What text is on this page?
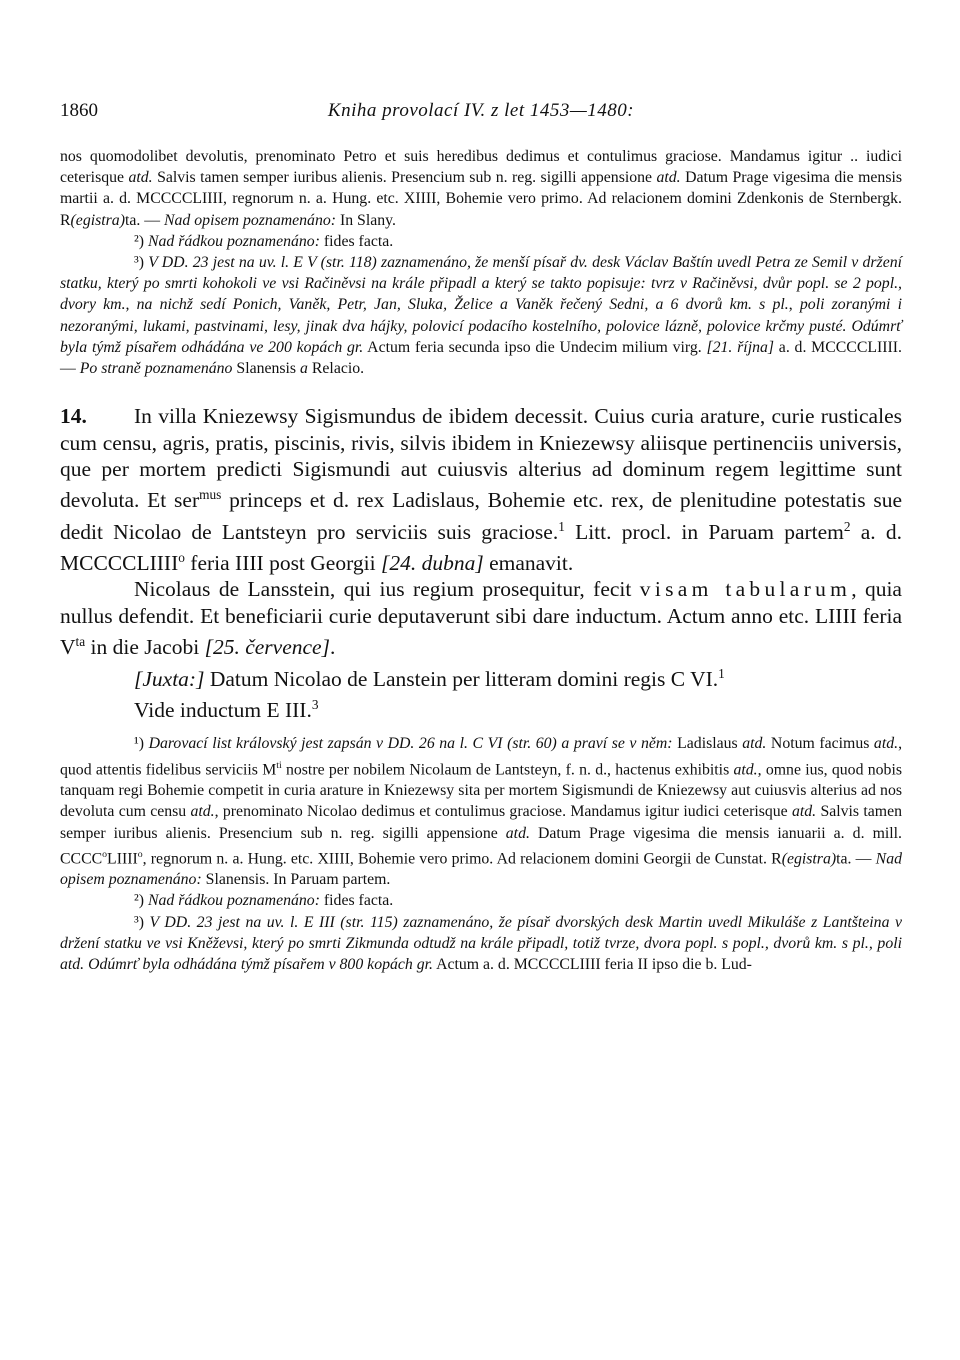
1860	Kniha provolací IV. z let 1453—1480:

nos quomodolibet devolutis, prenominato Petro et suis heredibus dedimus et contulimus graciose. Mandamus igitur .. iudici ceterisque atd. Salvis tamen semper iuribus alienis. Presencium sub n. reg. sigilli appensione atd. Datum Prage vigesima die mensis martii a. d. MCCCCLIIII, regnorum n. a. Hung. etc. XIIII, Bohemie vero primo. Ad relacionem domini Zdenkonis de Sternbergk. R(egistra)ta. — Nad opisem poznamenáno: In Slany.

²) Nad řádkou poznamenáno: fides facta.

³) V DD. 23 jest na uv. l. E V (str. 118) zaznamenáno, že menší písař dv. desk Václav Baštín uvedl Petra ze Semil v držení statku, který po smrti kohokoli ve vsi Račiněvsi na krále připadl a který se takto popisuje: tvrz v Račiněvsi, dvůr popl. se 2 popl., dvory km., na nichž sedí Ponich, Vaněk, Petr, Jan, Sluka, Želice a Vaněk řečený Sedni, a 6 dvorů km. s pl., poli zoranými i nezoranými, lukami, pastvinami, lesy, jinak dva hájky, polovicí podacího kostelního, polovice lázně, polovice krčmy pusté. Odúmrť byla týmž písařem odhádána ve 200 kopách gr. Actum feria secunda ipso die Undecim milium virg. [21. října] a. d. MCCCCLIIII. — Po straně poznamenáno Slanensis a Relacio.

14. In villa Kniezewsy Sigismundus de ibidem decessit. Cuius curia arature, curie rusticales cum censu, agris, pratis, piscinis, rivis, silvis ibidem in Kniezewsy aliisque pertinenciis universis, que per mortem predicti Sigismundi aut cuiusvis alterius ad dominum regem legittime sunt devoluta. Et ser$^{mus}$ princeps et d. rex Ladislaus, Bohemie etc. rex, de plenitudine potestatis sue dedit Nicolao de Lantsteyn pro serviciis suis graciose.$^1$ Litt. procl. in Paruam partem$^2$ a. d. MCCCCLIIII$^o$ feria IIII post Georgii [24. dubna] emanavit.

Nicolaus de Lansstein, qui ius regium prosequitur, fecit visam tabularum, quia nullus defendit. Et beneficiarii curie deputaverunt sibi dare inductum. Actum anno etc. LIIII feria $V^{ta}$ in die Jacobi [25. července].

[Juxta:] Datum Nicolao de Lanstein per litteram domini regis C VI.$^1$

Vide inductum E III.$^3$

¹) Darovací list královský jest zapsán v DD. 26 na l. C VI (str. 60) a praví se v něm: Ladislaus atd. Notum facimus atd., quod attentis fidelibus serviciis $M^{ti}$ nostre per nobilem Nicolaum de Lantsteyn, f. n. d., hactenus exhibitis atd., omne ius, quod nobis tanquam regi Bohemie competit in curia arature in Kniezewsy sita per mortem Sigismundi de Kniezewsy aut cuiusvis alterius ad nos devoluta cum censu atd., prenominato Nicolao dedimus et contulimus graciose. Mandamus igitur iudici ceterisque atd. Salvis tamen semper iuribus alienis. Presencium sub n. reg. sigilli appensione atd. Datum Prage vigesima die mensis ianuarii a. d. mill. CCCC$^o$LIIII$^o$, regnorum n. a. Hung. etc. XIIII, Bohemie vero primo. Ad relacionem domini Georgii de Cunstat. R(egistra)ta. — Nad opisem poznamenáno: Slanensis. In Paruam partem.

²) Nad řádkou poznamenáno: fides facta.

³) V DD. 23 jest na uv. l. E III (str. 115) zaznamenáno, že písař dvorských desk Martin uvedl Mikuláše z Lantšteina v držení statku ve vsi Kněževsi, který po smrti Zikmunda odtudž na krále připadl, totiž tvrze, dvora popl. s popl., dvorů km. s pl., poli atd. Odúmrť byla odhádána týmž písařem v 800 kopách gr. Actum a. d. MCCCCLIIII feria II ipso die b. Lud-
